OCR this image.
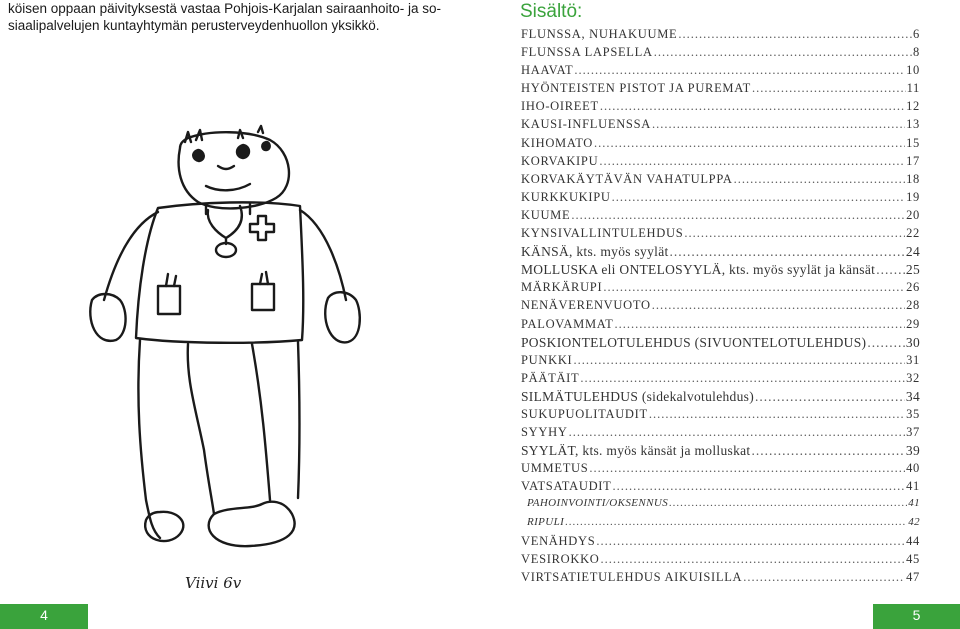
köisen oppaan päivityksestä vastaa Pohjois-Karjalan sairaanhoito- ja so-
siaalipalvelujen kuntayhtymän perusterveydenhuollon yksikkö.
Viivi 6v
Sisältö:
FLUNSSA, NUHAKUUME .....	6
FLUNSSA LAPSELLA .....	8
HAAVAT .....	10
HYÖNTEISTEN PISTOT JA PUREMAT .....	11
IHO-OIREET .....	12
KAUSI-INFLUENSSA .....	13
KIHOMATO .....	15
KORVAKIPU .....	17
KORVAKÄYTÄVÄN VAHATULPPA .....	18
KURKKUKIPU .....	19
KUUME .....	20
KYNSIVALLINTULEHDUS .....	22
KÄNSÄ, kts. myös syylät .....	24
MOLLUSKA eli ONTELOSYYLÄ, kts. myös syylät ja känsät ..... 25
MÄRKÄRUPI .....	26
NENÄVERENVUOTO .....	28
PALOVAMMAT .....	29
POSKIONTELOTULEHDUS (SIVUONTELOTULEHDUS) .....	30
PUNKKI .....	31
PÄÄTÄIT .....	32
SILMÄTULEHDUS (sidekalvotulehdus) .....	34
SUKUPUOLITAUDIT .....	35
SYYHY .....	37
SYYLÄT, kts. myös känsät ja molluskat .....	39
UMMETUS .....	40
VATSATAUDIT .....	41
PAHOINVOINTI/OKSENNUS .....	41
RIPULI .....	42
VENÄHDYS .....	44
VESIROKKO .....	45
VIRTSATIETULEHDUS AIKUISILLA .....	47
4	5
